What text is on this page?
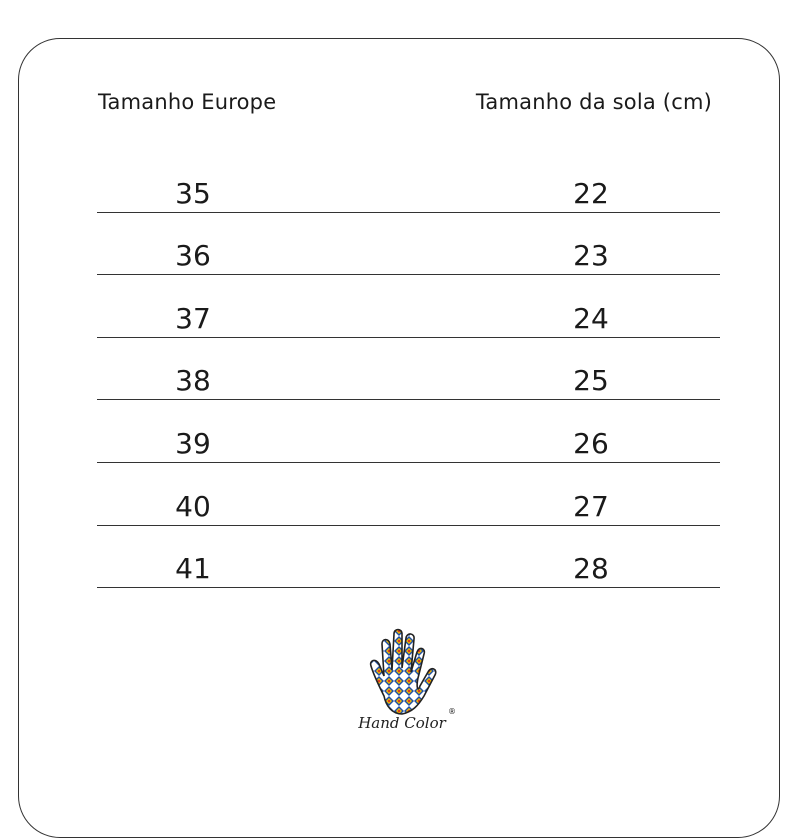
Tamanho Europe	Tamanho da sola (cm)
35	22
36	23
37	24
38	25
39	26
40	27
41	28
Hand Color
®
